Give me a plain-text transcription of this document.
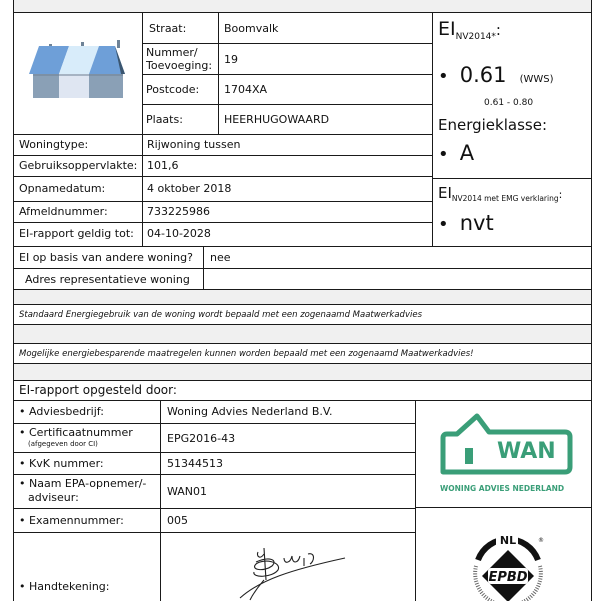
Straat:	Boomvalk
Nummer/
Toevoeging: 19
Postcode: 1704XA
Plaats:	HEERHUGOWAARD
Woningtype:	Rijwoning tussen
Gebruiksoppervlakte: 101,6
Opnamedatum:	4 oktober 2018
Afmeldnummer:	733225986
EI-rapport geldig tot: 04-10-2028
EI op basis van andere woning? nee
Adres representatieve woning
$EI_{NV2014*}$:
• 0.61 (WWS)
0.61 - 0.80
Energieklasse:
• A
EINV2014 met EMG verklaring:
• nvt
Standaard Energiegebruik van de woning wordt bepaald met een zogenaamd Maatwerkadvies
Mogelijke energiebesparende maatregelen kunnen worden bepaald met een zogenaamd Maatwerkadvies!
EI-rapport opgesteld door:
• Adviesbedrijf:	Woning Advies Nederland B.V.
• Certificaatnummer
(afgegeven door CI)	EPG2016-43
• KvK nummer:	51344513
• Naam EPA-opnemer/-
adviseur:	WAN01
• Examennummer:	005
• Handtekening:
WAN
WONING ADVIES NEDERLAND
NL
EPBD
®
